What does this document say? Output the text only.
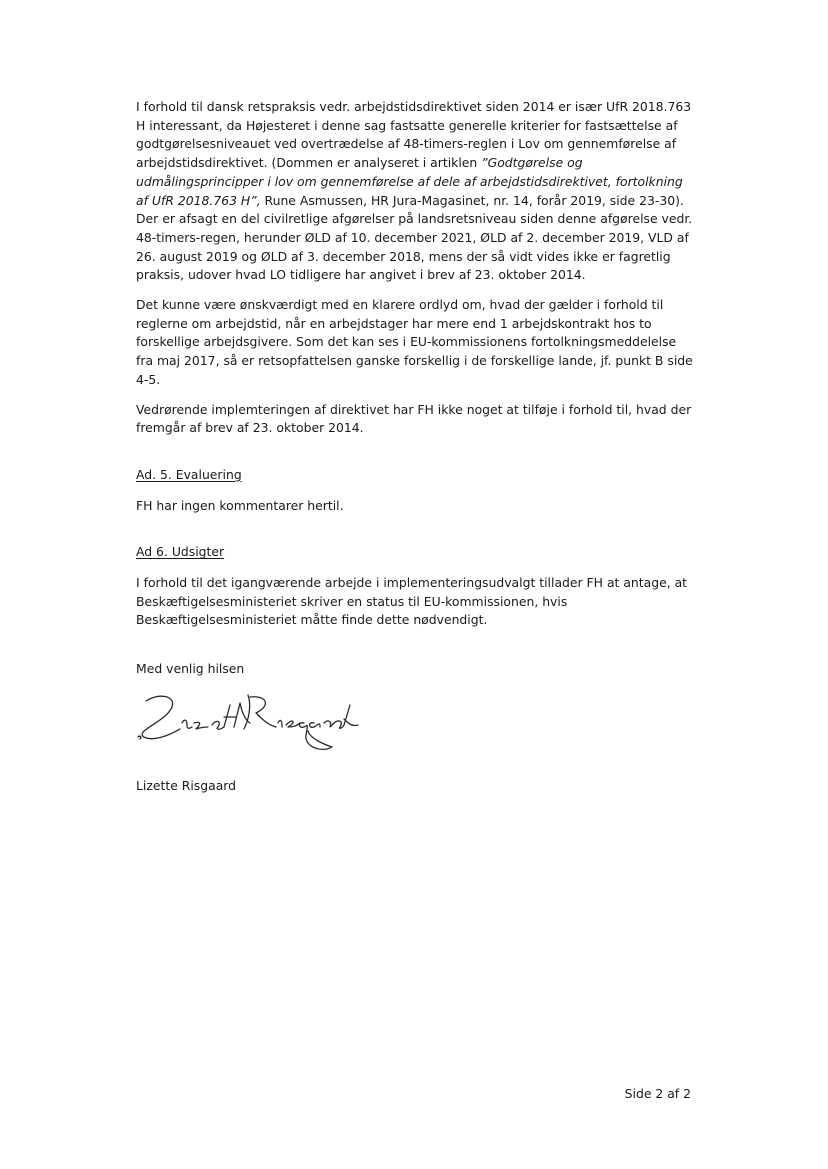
I forhold til dansk retspraksis vedr. arbejdstidsdirektivet siden 2014 er især UfR 2018.763 H interessant, da Højesteret i denne sag fastsatte generelle kriterier for fastsættelse af godtgørelsesniveauet ved overtrædelse af 48-timers-reglen i Lov om gennemførelse af arbejdstidsdirektivet. (Dommen er analyseret i artiklen ”Godtgørelse og udmålingsprincipper i lov om gennemførelse af dele af arbejdstidsdirektivet, fortolkning af UfR 2018.763 H”, Rune Asmussen, HR Jura-Magasinet, nr. 14, forår 2019, side 23-30). Der er afsagt en del civilretlige afgørelser på landsretsniveau siden denne afgørelse vedr. 48-timers-regen, herunder ØLD af 10. december 2021, ØLD af 2. december 2019, VLD af 26. august 2019 og ØLD af 3. december 2018, mens der så vidt vides ikke er fagretlig praksis, udover hvad LO tidligere har angivet i brev af 23. oktober 2014.

Det kunne være ønskværdigt med en klarere ordlyd om, hvad der gælder i forhold til reglerne om arbejdstid, når en arbejdstager har mere end 1 arbejdskontrakt hos to forskellige arbejdsgivere. Som det kan ses i EU-kommissionens fortolkningsmeddelelse fra maj 2017, så er retsopfattelsen ganske forskellig i de forskellige lande, jf. punkt B side 4-5.

Vedrørende implemteringen af direktivet har FH ikke noget at tilføje i forhold til, hvad der fremgår af brev af 23. oktober 2014.

Ad. 5. Evaluering

FH har ingen kommentarer hertil.

Ad 6. Udsigter

I forhold til det igangværende arbejde i implementeringsudvalgt tillader FH at antage, at Beskæftigelsesministeriet skriver en status til EU-kommissionen, hvis Beskæftigelsesministeriet måtte finde dette nødvendigt.

Med venlig hilsen

Lizette Risgaard

Side 2 af 2
